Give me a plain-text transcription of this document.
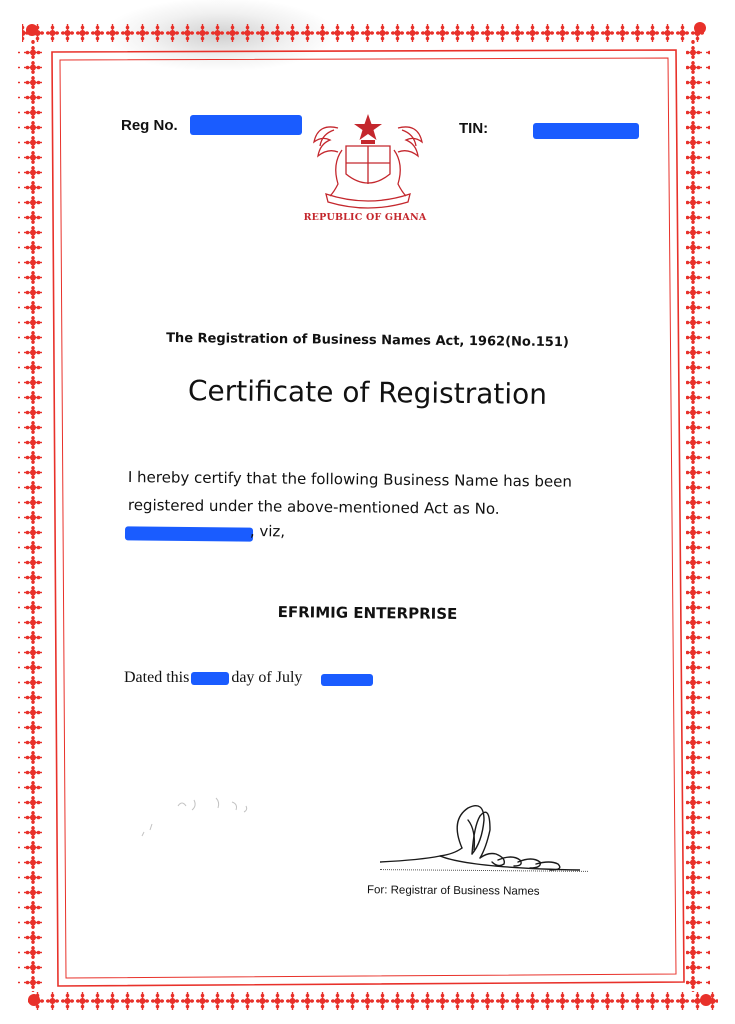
Reg No.	TIN:
REPUBLIC OF GHANA
The Registration of Business Names Act, 1962(No.151)
Certificate of Registration
I hereby certify that the following Business Name has been
registered under the above-mentioned Act as No.
, viz,
EFRIMIG ENTERPRISE
Dated this	day of July
For: Registrar of Business Names
